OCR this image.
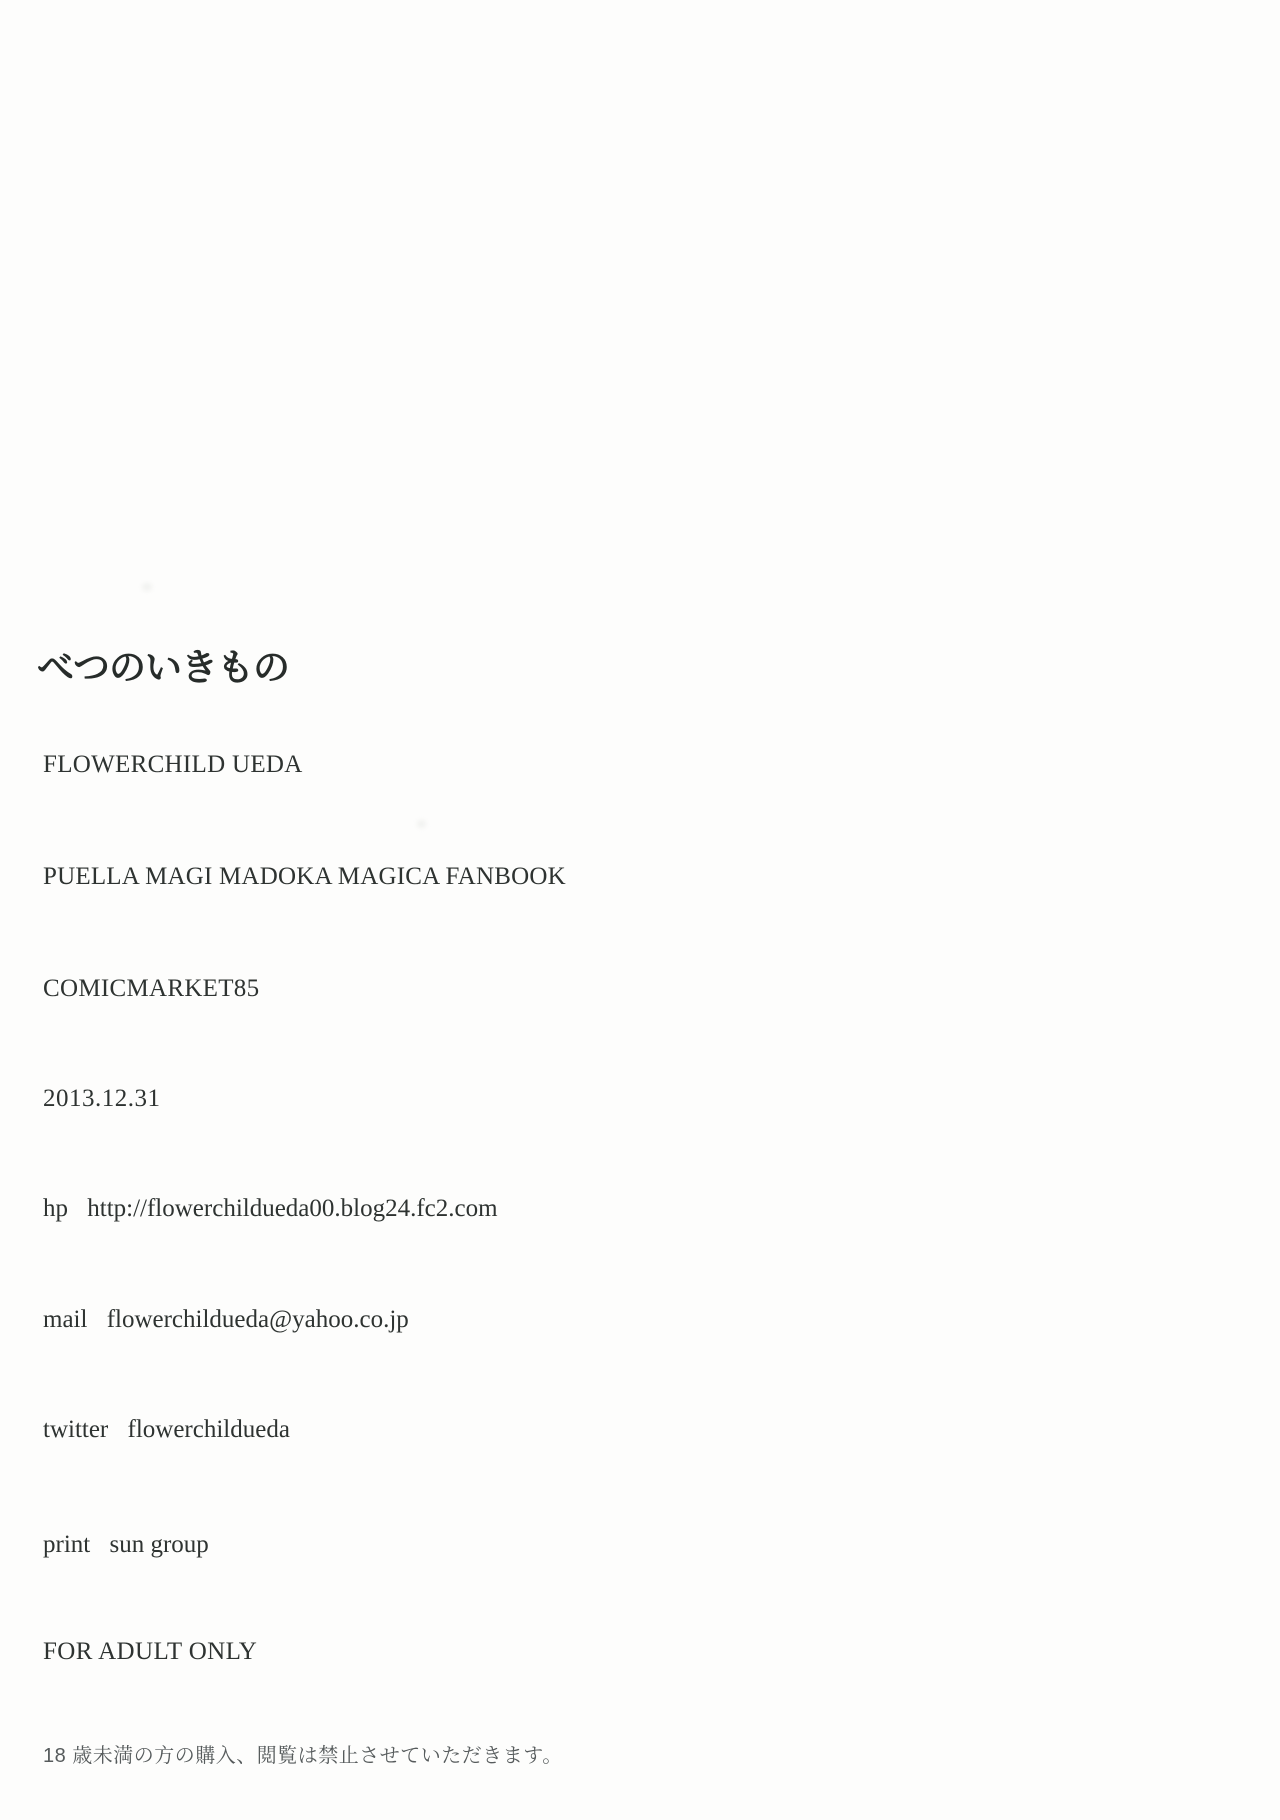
べつのいきもの
FLOWERCHILD UEDA
PUELLA MAGI MADOKA MAGICA FANBOOK
COMICMARKET85
2013.12.31
hp http://flowerchildueda00.blog24.fc2.com
mail flowerchildueda@yahoo.co.jp
twitter flowerchildueda
print sun group
FOR ADULT ONLY
18 歳未満の方の購入、閲覧は禁止させていただきます。
